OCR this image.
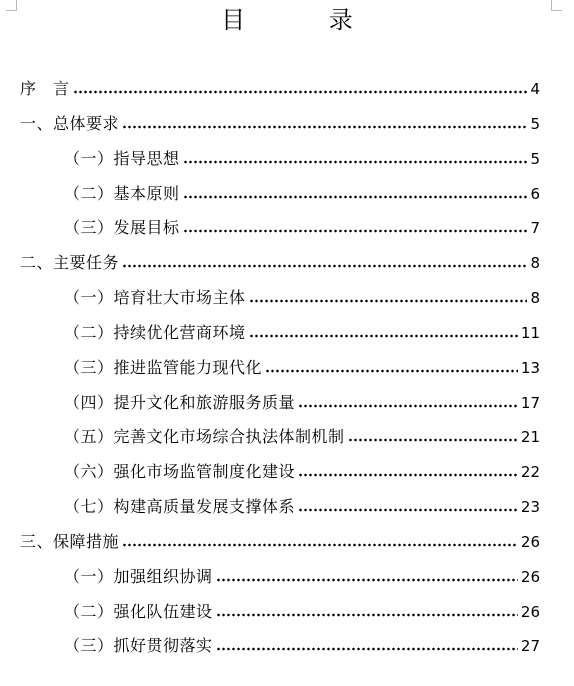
目 录
序　言	4
一、总体要求	5
（一）指导思想	5
（二）基本原则	6
（三）发展目标	7
二、主要任务	8
（一）培育壮大市场主体	8
（二）持续优化营商环境	11
（三）推进监管能力现代化	13
（四）提升文化和旅游服务质量	17
（五）完善文化市场综合执法体制机制	21
（六）强化市场监管制度化建设	22
（七）构建高质量发展支撑体系	23
三、保障措施	26
（一）加强组织协调	26
（二）强化队伍建设	26
（三）抓好贯彻落实	27
